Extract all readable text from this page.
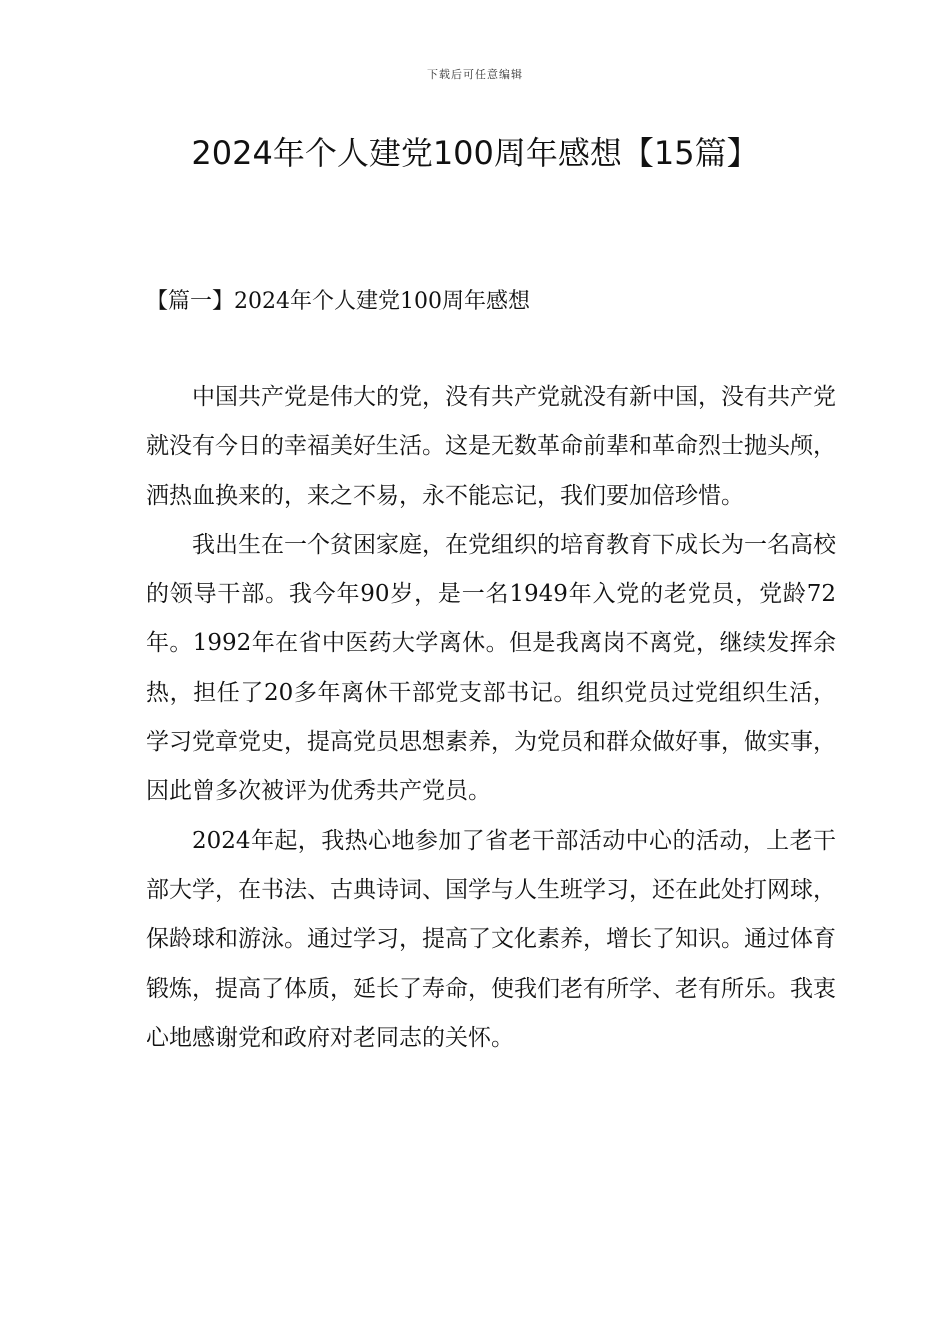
下载后可任意编辑
2024年个人建党100周年感想【15篇】
【篇一】2024年个人建党100周年感想

中国共产党是伟大的党，没有共产党就没有新中国，没有共产党就没有今日的幸福美好生活。这是无数革命前辈和革命烈士抛头颅，洒热血换来的，来之不易，永不能忘记，我们要加倍珍惜。

我出生在一个贫困家庭，在党组织的培育教育下成长为一名高校的领导干部。我今年90岁，是一名1949年入党的老党员，党龄72年。1992年在省中医药大学离休。但是我离岗不离党，继续发挥余热，担任了20多年离休干部党支部书记。组织党员过党组织生活，学习党章党史，提高党员思想素养，为党员和群众做好事，做实事，因此曾多次被评为优秀共产党员。

2024年起，我热心地参加了省老干部活动中心的活动，上老干部大学，在书法、古典诗词、国学与人生班学习，还在此处打网球，保龄球和游泳。通过学习，提高了文化素养，增长了知识。通过体育锻炼，提高了体质，延长了寿命，使我们老有所学、老有所乐。我衷心地感谢党和政府对老同志的关怀。
